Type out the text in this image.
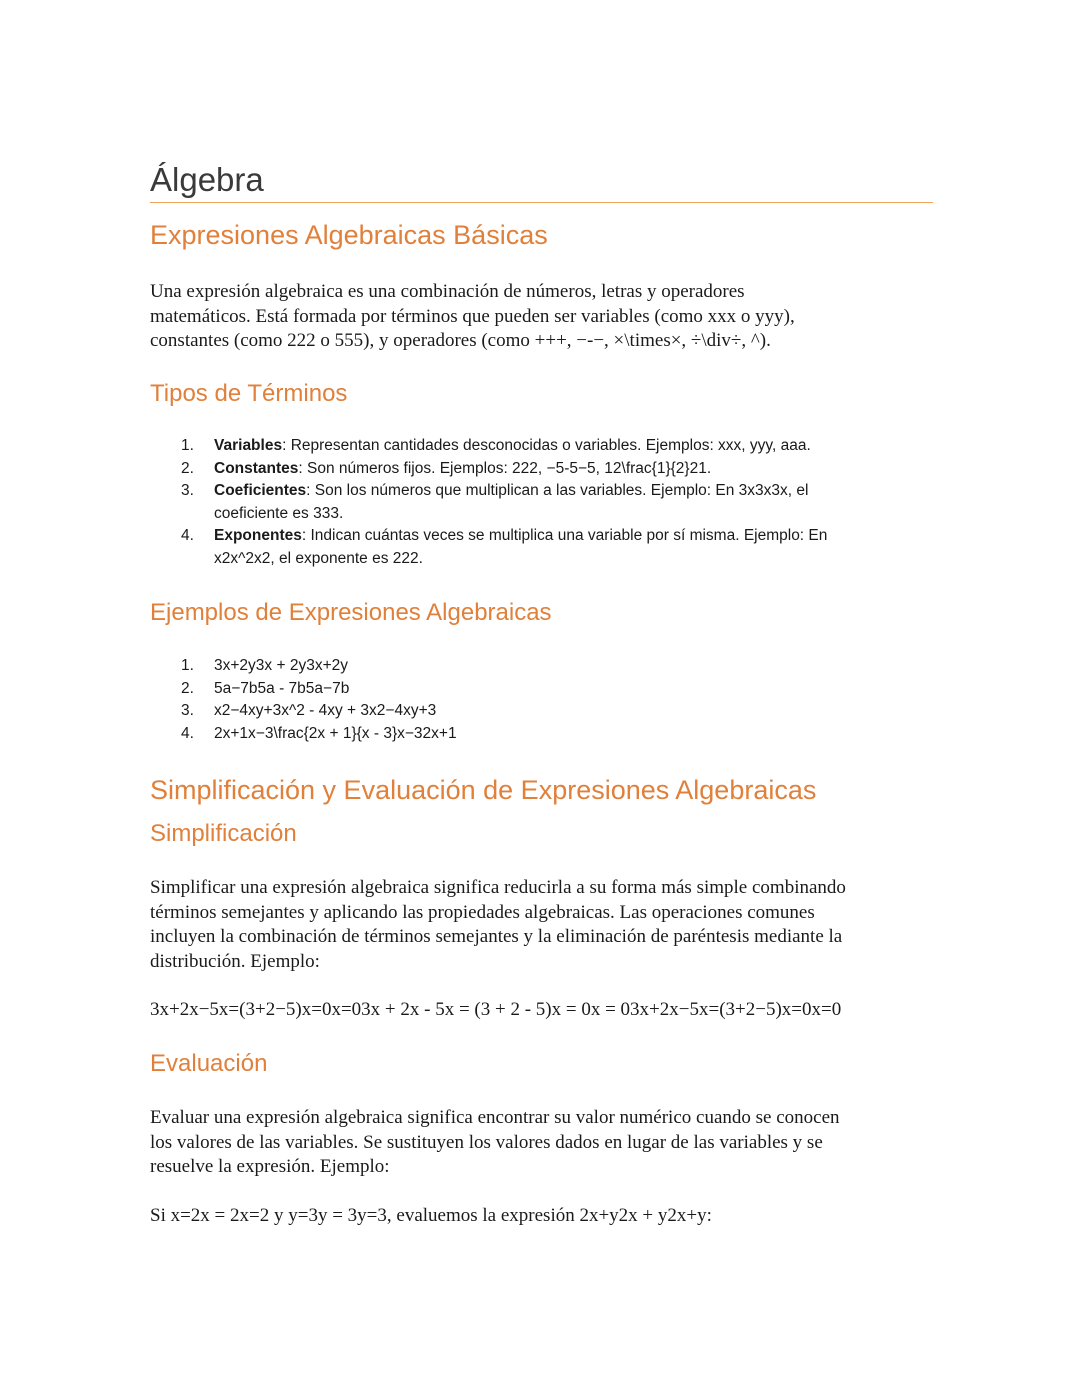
Álgebra
Expresiones Algebraicas Básicas

Una expresión algebraica es una combinación de números, letras y operadores
matemáticos. Está formada por términos que pueden ser variables (como xxx o yyy),
constantes (como 222 o 555), y operadores (como +++, −-−, ×\times×, ÷\div÷, ^).

Tipos de Términos
1. Variables: Representan cantidades desconocidas o variables. Ejemplos: xxx, yyy, aaa.
2. Constantes: Son números fijos. Ejemplos: 222, −5-5−5, 12\frac{1}{2}21.
3. Coeficientes: Son los números que multiplican a las variables. Ejemplo: En 3x3x3x, el
coeficiente es 333.
4. Exponentes: Indican cuántas veces se multiplica una variable por sí misma. Ejemplo: En
x2x^2x2, el exponente es 222.
Ejemplos de Expresiones Algebraicas
1. 3x+2y3x + 2y3x+2y
2. 5a−7b5a - 7b5a−7b
3. x2−4xy+3x^2 - 4xy + 3x2−4xy+3
4. 2x+1x−3\frac{2x + 1}{x - 3}x−32x+1
Simplificación y Evaluación de Expresiones Algebraicas
Simplificación

Simplificar una expresión algebraica significa reducirla a su forma más simple combinando
términos semejantes y aplicando las propiedades algebraicas. Las operaciones comunes
incluyen la combinación de términos semejantes y la eliminación de paréntesis mediante la
distribución. Ejemplo:

3x+2x−5x=(3+2−5)x=0x=03x + 2x - 5x = (3 + 2 - 5)x = 0x = 03x+2x−5x=(3+2−5)x=0x=0

Evaluación

Evaluar una expresión algebraica significa encontrar su valor numérico cuando se conocen
los valores de las variables. Se sustituyen los valores dados en lugar de las variables y se
resuelve la expresión. Ejemplo:

Si x=2x = 2x=2 y y=3y = 3y=3, evaluemos la expresión 2x+y2x + y2x+y:
